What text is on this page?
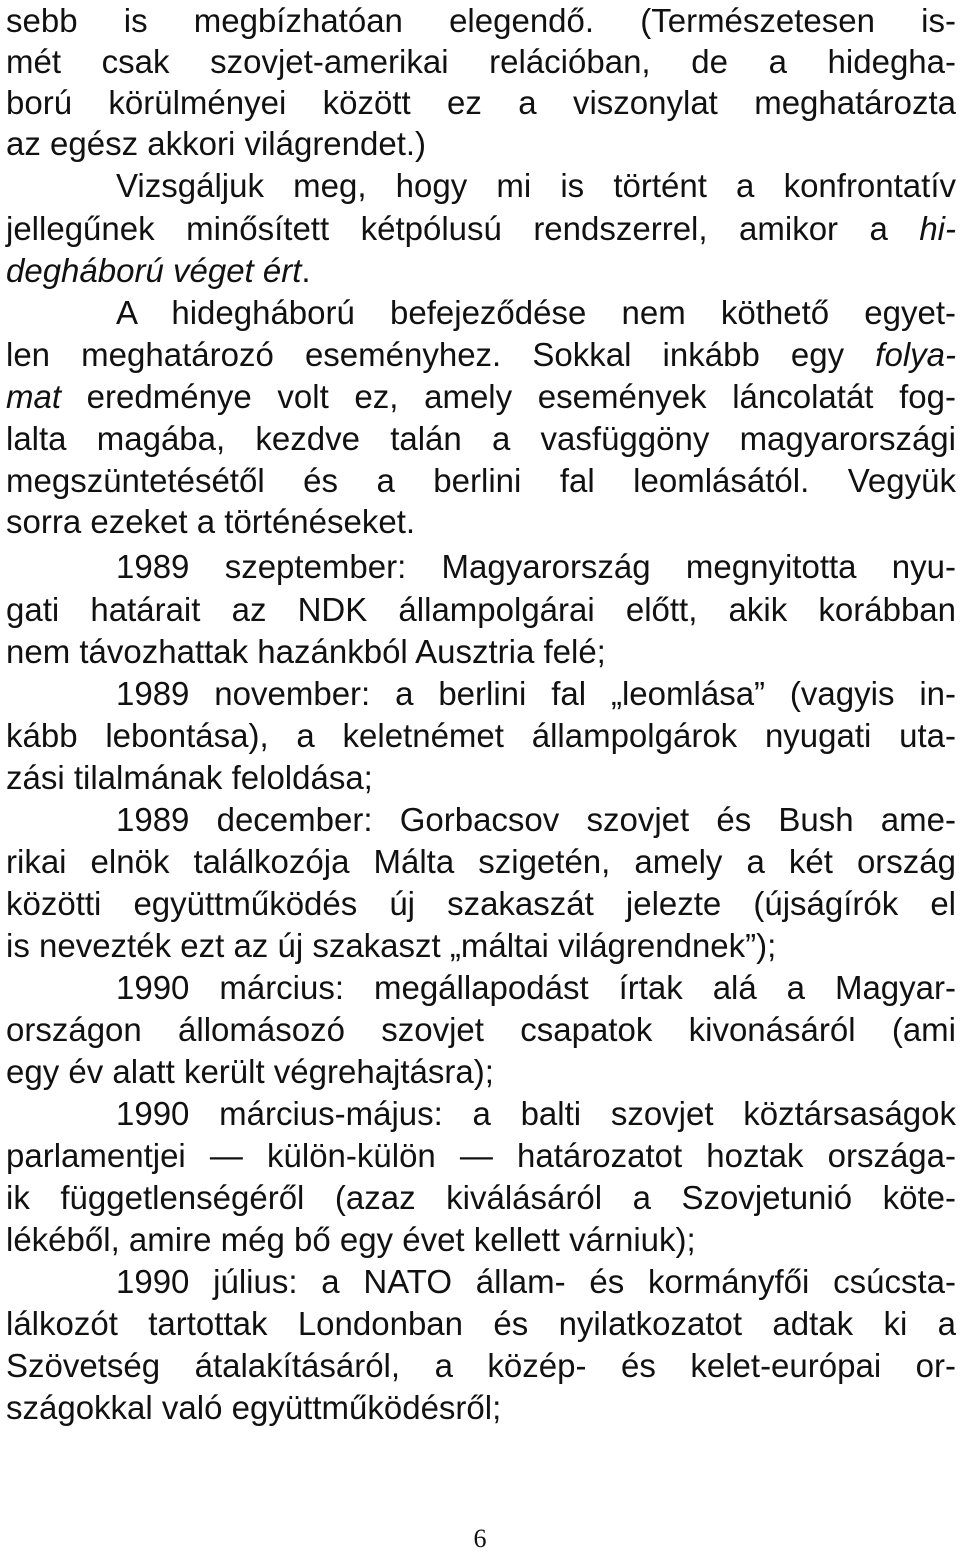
sebb is megbízhatóan elegendő. (Természetesen is-
mét csak szovjet-amerikai relációban, de a hidegha-
ború körülményei között ez a viszonylat meghatározta
az egész akkori világrendet.)
Vizsgáljuk meg, hogy mi is történt a konfrontatív
jellegűnek minősített kétpólusú rendszerrel, amikor a hi-
degháború véget ért.
A hidegháború befejeződése nem köthető egyet-
len meghatározó eseményhez. Sokkal inkább egy folya-
mat eredménye volt ez, amely események láncolatát fog-
lalta magába, kezdve talán a vasfüggöny magyarországi
megszüntetésétől és a berlini fal leomlásától. Vegyük
sorra ezeket a történéseket.
1989 szeptember: Magyarország megnyitotta nyu-
gati határait az NDK állampolgárai előtt, akik korábban
nem távozhattak hazánkból Ausztria felé;
1989 november: a berlini fal „leomlása” (vagyis in-
kább lebontása), a keletnémet állampolgárok nyugati uta-
zási tilalmának feloldása;
1989 december: Gorbacsov szovjet és Bush ame-
rikai elnök találkozója Málta szigetén, amely a két ország
közötti együttműködés új szakaszát jelezte (újságírók el
is nevezték ezt az új szakaszt „máltai világrendnek”);
1990 március: megállapodást írtak alá a Magyar-
országon állomásozó szovjet csapatok kivonásáról (ami
egy év alatt került végrehajtásra);
1990 március-május: a balti szovjet köztársaságok
parlamentjei — külön-külön — határozatot hoztak országa-
ik függetlenségéről (azaz kiválásáról a Szovjetunió köte-
lékéből, amire még bő egy évet kellett várniuk);
1990 július: a NATO állam- és kormányfői csúcsta-
lálkozót tartottak Londonban és nyilatkozatot adtak ki a
Szövetség átalakításáról, a közép- és kelet-európai or-
szágokkal való együttműködésről;
6
